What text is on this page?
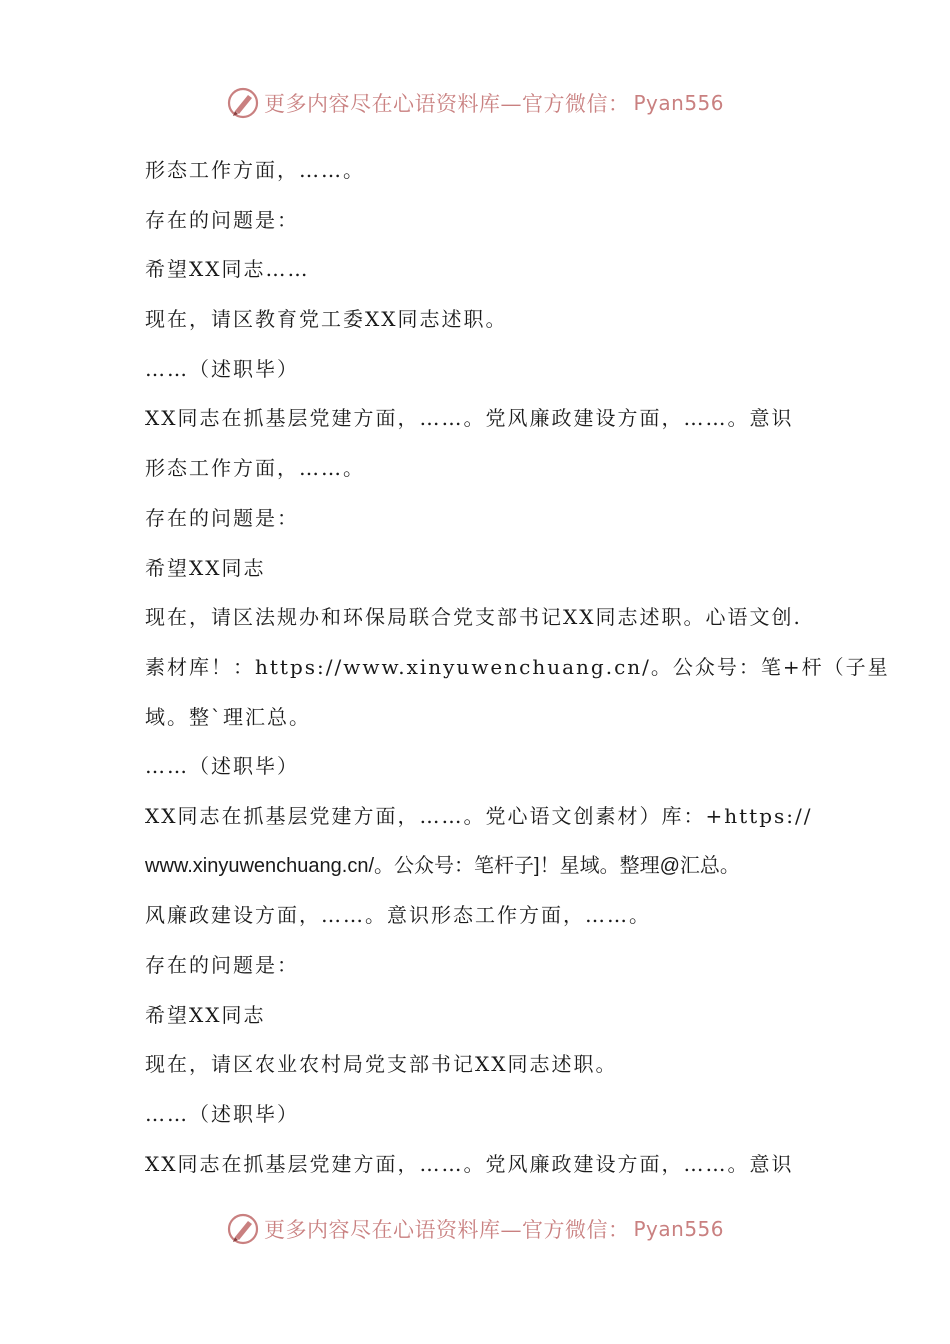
更多内容尽在心语资料库—官方微信： Pyan556
形态工作方面，……。
存在的问题是：
希望XX同志……
现在，请区教育党工委XX同志述职。
……（述职毕）
XX同志在抓基层党建方面，……。党风廉政建设方面，……。意识
形态工作方面，……。
存在的问题是：
希望XX同志
现在，请区法规办和环保局联合党支部书记XX同志述职。心语文创.
素材库！：https://www.xinyuwenchuang.cn/。公众号：笔+杆（子星
域。整`理汇总。
……（述职毕）
XX同志在抓基层党建方面，……。党心语文创素材）库：+https://
www.xinyuwenchuang.cn/。公众号：笔杆子]！星域。整理@汇总。
风廉政建设方面，……。意识形态工作方面，……。
存在的问题是：
希望XX同志
现在，请区农业农村局党支部书记XX同志述职。
……（述职毕）
XX同志在抓基层党建方面，……。党风廉政建设方面，……。意识
更多内容尽在心语资料库—官方微信： Pyan556
